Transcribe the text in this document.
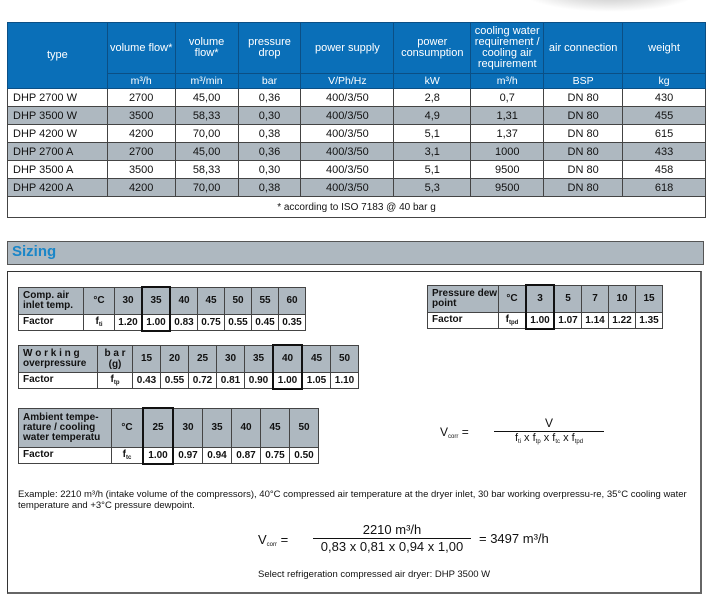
type	volume flow*	volume flow*	pressure drop	power supply	power consumption	cooling water requirement / cooling air requirement	air connection	weight
	m³/h	m³/min	bar	V/Ph/Hz	kW	m³/h	BSP	kg
DHP 2700 W	2700	45,00	0,36	400/3/50	2,8	0,7	DN 80	430
DHP 3500 W	3500	58,33	0,30	400/3/50	4,9	1,31	DN 80	455
DHP 4200 W	4200	70,00	0,38	400/3/50	5,1	1,37	DN 80	615
DHP 2700 A	2700	45,00	0,36	400/3/50	3,1	1000	DN 80	433
DHP 3500 A	3500	58,33	0,30	400/3/50	5,1	9500	DN 80	458
DHP 4200 A	4200	70,00	0,38	400/3/50	5,3	9500	DN 80	618
* according to ISO 7183 @ 40 bar g								
Sizing
Comp. air inlet temp.	°C	30	35	40	45	50	55	60
Factor	$f_{ti}$	1.20	1.00	0.83	0.75	0.55	0.45	0.35
Pressure dew point	°C	3	5	7	10	15
Factor	$f_{tpd}$	1.00	1.07	1.14	1.22	1.35
W o r k i n g overpressure	b a r (g)	15	20	25	30	35	40	45	50
Factor	$f_{tp}$	0.43	0.55	0.72	0.81	0.90	1.00	1.05	1.10
Ambient tempe-rature / cooling water temperatu	°C	25	30	35	40	45	50
Factor	$f_{tc}$	1.00	0.97	0.94	0.87	0.75	0.50
$V_{corr}$ =
V
$f_{ti}$ x $f_{tp}$ x $f_{tc}$ x $f_{tpd}$
Example: 2210 m³/h (intake volume of the compressors), 40°C compressed air temperature at the dryer inlet, 30 bar working overpressu-re, 35°C cooling water temperature and +3°C pressure dewpoint.
$V_{corr} = \frac{\text{2210 m³/h}}{0,83 x 0,81 x 0,94 x 1,00} = 3497$ m³/h
Select refrigeration compressed air dryer: DHP 3500 W
